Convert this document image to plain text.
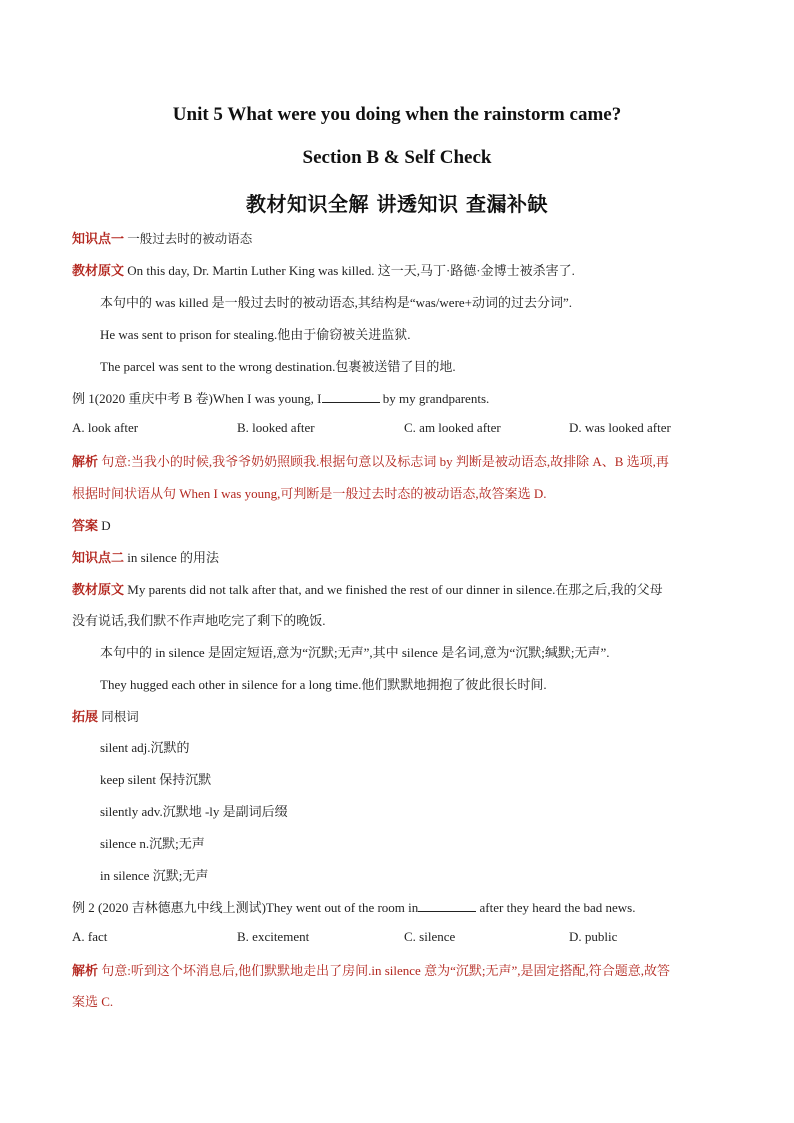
Unit 5 What were you doing when the rainstorm came?
Section B & Self Check
教材知识全解 讲透知识 查漏补缺
知识点一 一般过去时的被动语态
教材原文 On this day, Dr. Martin Luther King was killed. 这一天,马丁·路德·金博士被杀害了.
本句中的 was killed 是一般过去时的被动语态,其结构是“was/were+动词的过去分词”.
He was sent to prison for stealing.他由于偷窃被关进监狱.
The parcel was sent to the wrong destination.包裹被送错了目的地.
例 1(2020 重庆中考 B 卷)When I was young, I	by my grandparents.
A. look after	B. looked after	C. am looked after	D. was looked after
解析 句意:当我小的时候,我爷爷奶奶照顾我.根据句意以及标志词 by 判断是被动语态,故排除 A、B 选项,再
根据时间状语从句 When I was young,可判断是一般过去时态的被动语态,故答案选 D.
答案 D
知识点二 in silence 的用法
教材原文 My parents did not talk after that, and we finished the rest of our dinner in silence.在那之后,我的父母
没有说话,我们默不作声地吃完了剩下的晚饭.
本句中的 in silence 是固定短语,意为“沉默;无声”,其中 silence 是名词,意为“沉默;缄默;无声”.
They hugged each other in silence for a long time.他们默默地拥抱了彼此很长时间.
拓展 同根词
silent adj.沉默的
keep silent 保持沉默
silently adv.沉默地 -ly 是副词后缀
silence n.沉默;无声
in silence 沉默;无声
例 2 (2020 吉林德惠九中线上测试)They went out of the room in	after they heard the bad news.
A. fact	B. excitement	C. silence	D. public
解析 句意:听到这个坏消息后,他们默默地走出了房间.in silence 意为“沉默;无声”,是固定搭配,符合题意,故答
案选 C.
